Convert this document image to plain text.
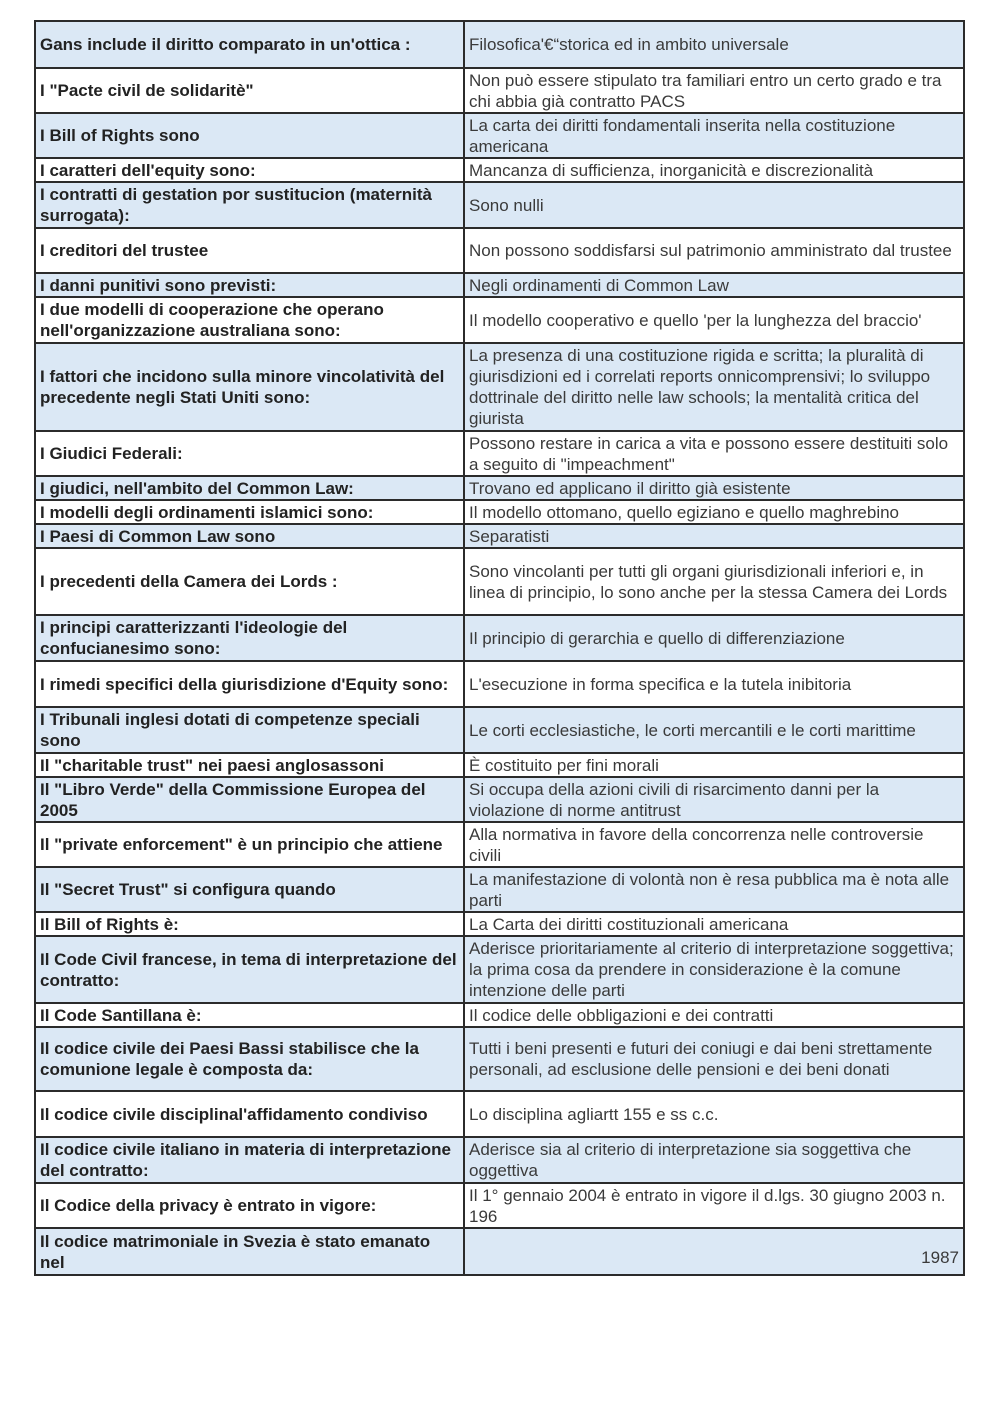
Gans include il diritto comparato in un'ottica :	Filosofica'€“storica ed in ambito universale
I "Pacte civil de solidaritè"	Non può essere stipulato tra familiari entro un certo grado e tra chi abbia già contratto PACS
I Bill of Rights sono	La carta dei diritti fondamentali inserita nella costituzione americana
I caratteri dell'equity sono:	Mancanza di sufficienza, inorganicità e discrezionalità
I contratti di gestation por sustitucion (maternità surrogata):	Sono nulli
I creditori del trustee	Non possono soddisfarsi sul patrimonio amministrato dal trustee
I danni punitivi sono previsti:	Negli ordinamenti di Common Law
I due modelli di cooperazione che operano nell'organizzazione australiana sono:	Il modello cooperativo e quello 'per la lunghezza del braccio'
I fattori che incidono sulla minore vincolatività del precedente negli Stati Uniti sono:	La presenza di una costituzione rigida e scritta; la pluralità di giurisdizioni ed i correlati reports onnicomprensivi; lo sviluppo dottrinale del diritto nelle law schools; la mentalità critica del giurista
I Giudici Federali:	Possono restare in carica a vita e possono essere destituiti solo a seguito di "impeachment"
I giudici, nell'ambito del Common Law:	Trovano ed applicano il diritto già esistente
I modelli degli ordinamenti islamici sono:	Il modello ottomano, quello egiziano e quello maghrebino
I Paesi di Common Law sono	Separatisti
I precedenti della Camera dei Lords :	Sono vincolanti per tutti gli organi giurisdizionali inferiori e, in linea di principio, lo sono anche per la stessa Camera dei Lords
I principi caratterizzanti l'ideologie del confucianesimo sono:	Il principio di gerarchia e quello di differenziazione
I rimedi specifici della giurisdizione d'Equity sono:	L'esecuzione in forma specifica e la tutela inibitoria
I Tribunali inglesi dotati di competenze speciali sono	Le corti ecclesiastiche, le corti mercantili e le corti marittime
Il "charitable trust" nei paesi anglosassoni	È costituito per fini morali
Il "Libro Verde" della Commissione Europea del 2005	Si occupa della azioni civili di risarcimento danni per la violazione di norme antitrust
Il "private enforcement" è un principio che attiene	Alla normativa in favore della concorrenza nelle controversie civili
Il "Secret Trust" si configura quando	La manifestazione di volontà non è resa pubblica ma è nota alle parti
Il Bill of Rights è:	La Carta dei diritti costituzionali americana
Il Code Civil francese, in tema di interpretazione del contratto:	Aderisce prioritariamente al criterio di interpretazione soggettiva; la prima cosa da prendere in considerazione è la comune intenzione delle parti
Il Code Santillana è:	Il codice delle obbligazioni e dei contratti
Il codice civile dei Paesi Bassi stabilisce che la comunione legale è composta da:	Tutti i beni presenti e futuri dei coniugi e dai beni strettamente personali, ad esclusione delle pensioni e dei beni donati
Il codice civile disciplinal'affidamento condiviso	Lo disciplina agliartt 155 e ss c.c.
Il codice civile italiano in materia di interpretazione del contratto:	Aderisce sia al criterio di interpretazione sia soggettiva che oggettiva
Il Codice della privacy è entrato in vigore:	Il 1° gennaio 2004 è entrato in vigore il d.lgs. 30 giugno 2003 n. 196
Il codice matrimoniale in Svezia è stato emanato nel	1987
